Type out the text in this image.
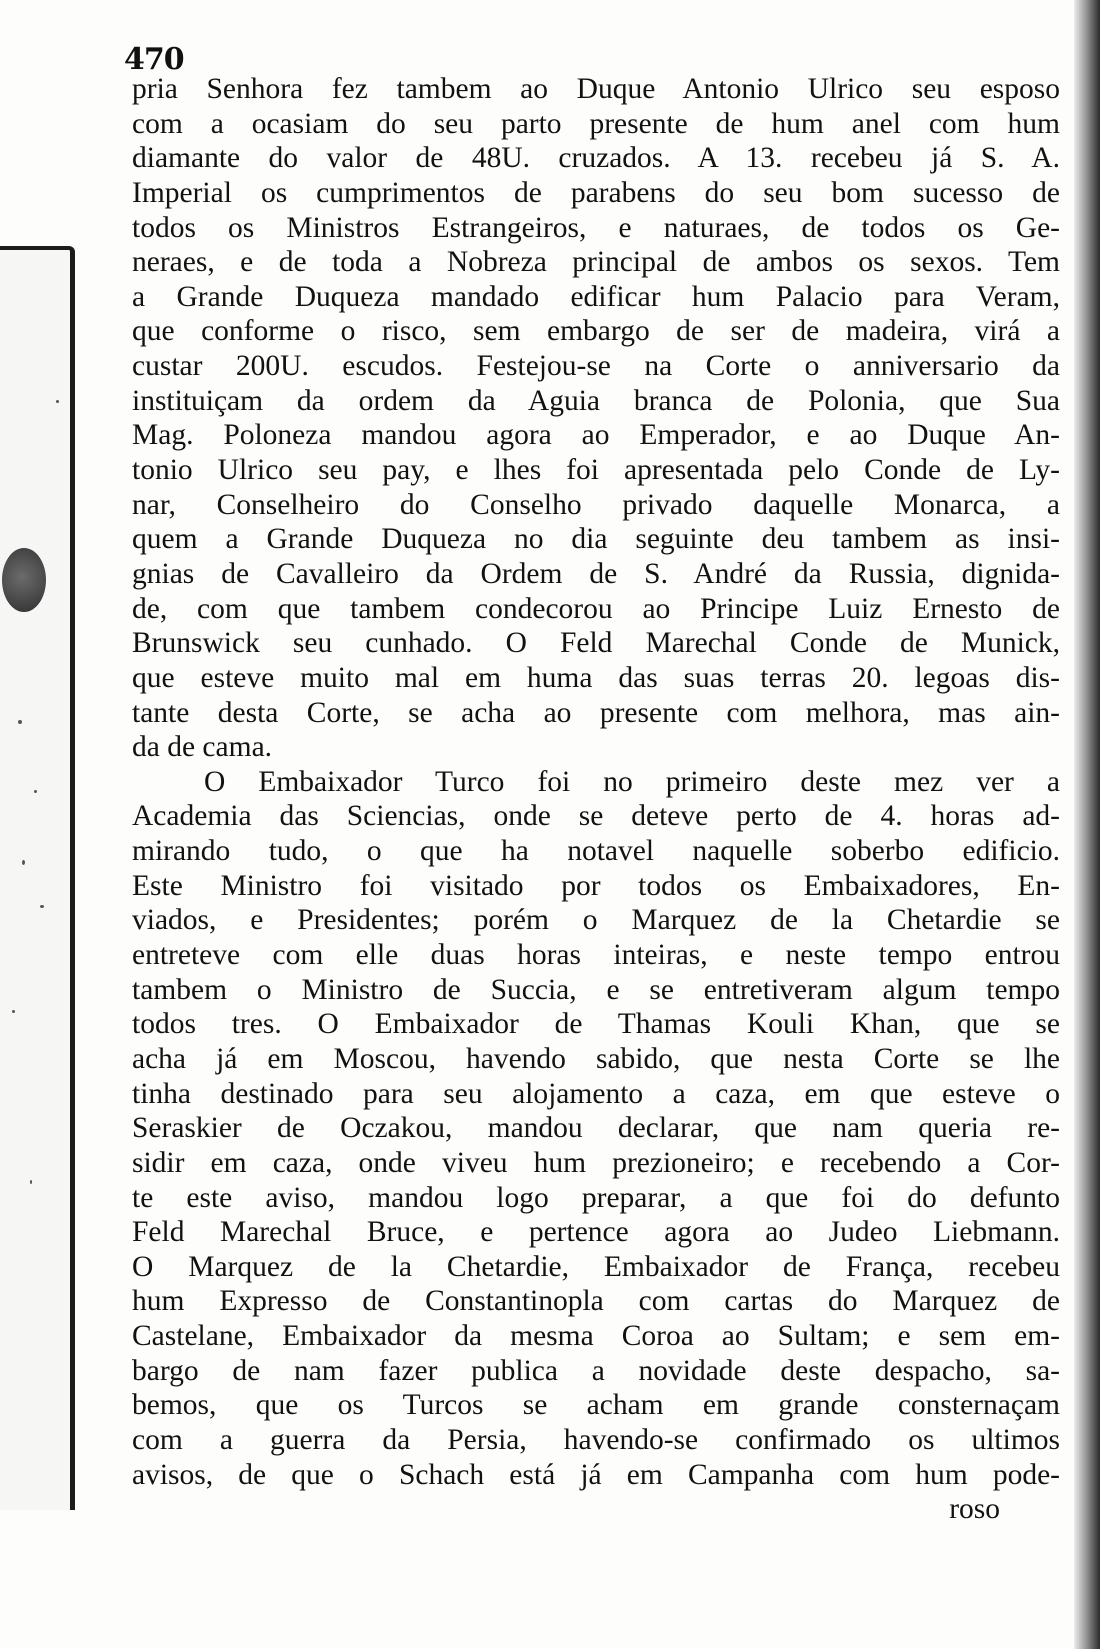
470
pria Senhora fez tambem ao Duque Antonio Ulrico seu esposo
com a ocasiam do seu parto presente de hum anel com hum
diamante do valor de 48U. cruzados. A 13. recebeu já S. A.
Imperial os cumprimentos de parabens do seu bom sucesso de
todos os Ministros Estrangeiros, e naturaes, de todos os Ge-
neraes, e de toda a Nobreza principal de ambos os sexos. Tem
a Grande Duqueza mandado edificar hum Palacio para Veram,
que conforme o risco, sem embargo de ser de madeira, virá a
custar 200U. escudos. Festejou-se na Corte o anniversario da
instituiçam da ordem da Aguia branca de Polonia, que Sua
Mag. Poloneza mandou agora ao Emperador, e ao Duque An-
tonio Ulrico seu pay, e lhes foi apresentada pelo Conde de Ly-
nar, Conselheiro do Conselho privado daquelle Monarca, a
quem a Grande Duqueza no dia seguinte deu tambem as insi-
gnias de Cavalleiro da Ordem de S. André da Russia, dignida-
de, com que tambem condecorou ao Principe Luiz Ernesto de
Brunswick seu cunhado. O Feld Marechal Conde de Munick,
que esteve muito mal em huma das suas terras 20. legoas dis-
tante desta Corte, se acha ao presente com melhora, mas ain-
da de cama.
O Embaixador Turco foi no primeiro deste mez ver a
Academia das Sciencias, onde se deteve perto de 4. horas ad-
mirando tudo, o que ha notavel naquelle soberbo edificio.
Este Ministro foi visitado por todos os Embaixadores, En-
viados, e Presidentes; porém o Marquez de la Chetardie se
entreteve com elle duas horas inteiras, e neste tempo entrou
tambem o Ministro de Succia, e se entretiveram algum tempo
todos tres. O Embaixador de Thamas Kouli Khan, que se
acha já em Moscou, havendo sabido, que nesta Corte se lhe
tinha destinado para seu alojamento a caza, em que esteve o
Seraskier de Oczakou, mandou declarar, que nam queria re-
sidir em caza, onde viveu hum prezioneiro; e recebendo a Cor-
te este aviso, mandou logo preparar, a que foi do defunto
Feld Marechal Bruce, e pertence agora ao Judeo Liebmann.
O Marquez de la Chetardie, Embaixador de França, recebeu
hum Expresso de Constantinopla com cartas do Marquez de
Castelane, Embaixador da mesma Coroa ao Sultam; e sem em-
bargo de nam fazer publica a novidade deste despacho, sa-
bemos, que os Turcos se acham em grande consternaçam
com a guerra da Persia, havendo-se confirmado os ultimos
avisos, de que o Schach está já em Campanha com hum pode-
roso
